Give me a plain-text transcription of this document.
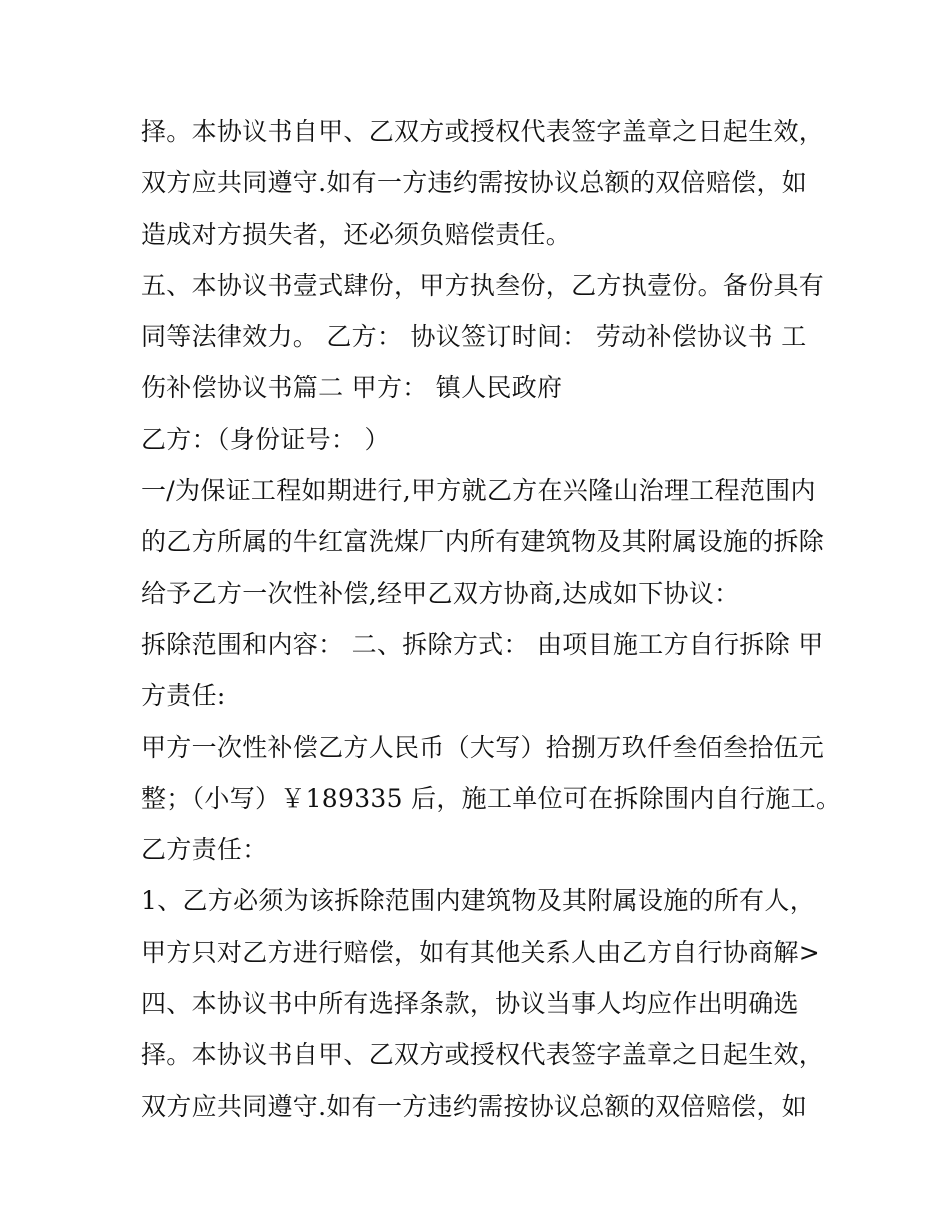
择。本协议书自甲、乙双方或授权代表签字盖章之日起生效，
双方应共同遵守.如有一方违约需按协议总额的双倍赔偿，如
造成对方损失者，还必须负赔偿责任。
五、本协议书壹式肆份，甲方执叁份，乙方执壹份。备份具有
同等法律效力。 乙方： 协议签订时间： 劳动补偿协议书 工
伤补偿协议书篇二 甲方： 镇人民政府
乙方：（身份证号： ）
一/为保证工程如期进行,甲方就乙方在兴隆山治理工程范围内
的乙方所属的牛红富洗煤厂内所有建筑物及其附属设施的拆除
给予乙方一次性补偿,经甲乙双方协商,达成如下协议：
拆除范围和内容： 二、拆除方式： 由项目施工方自行拆除 甲
方责任:
甲方一次性补偿乙方人民币（大写）拾捌万玖仟叁佰叁拾伍元
整；（小写）￥189335 后，施工单位可在拆除围内自行施工。
乙方责任：
1、乙方必须为该拆除范围内建筑物及其附属设施的所有人，
甲方只对乙方进行赔偿，如有其他关系人由乙方自行协商解>
四、本协议书中所有选择条款，协议当事人均应作出明确选
择。本协议书自甲、乙双方或授权代表签字盖章之日起生效，
双方应共同遵守.如有一方违约需按协议总额的双倍赔偿，如
